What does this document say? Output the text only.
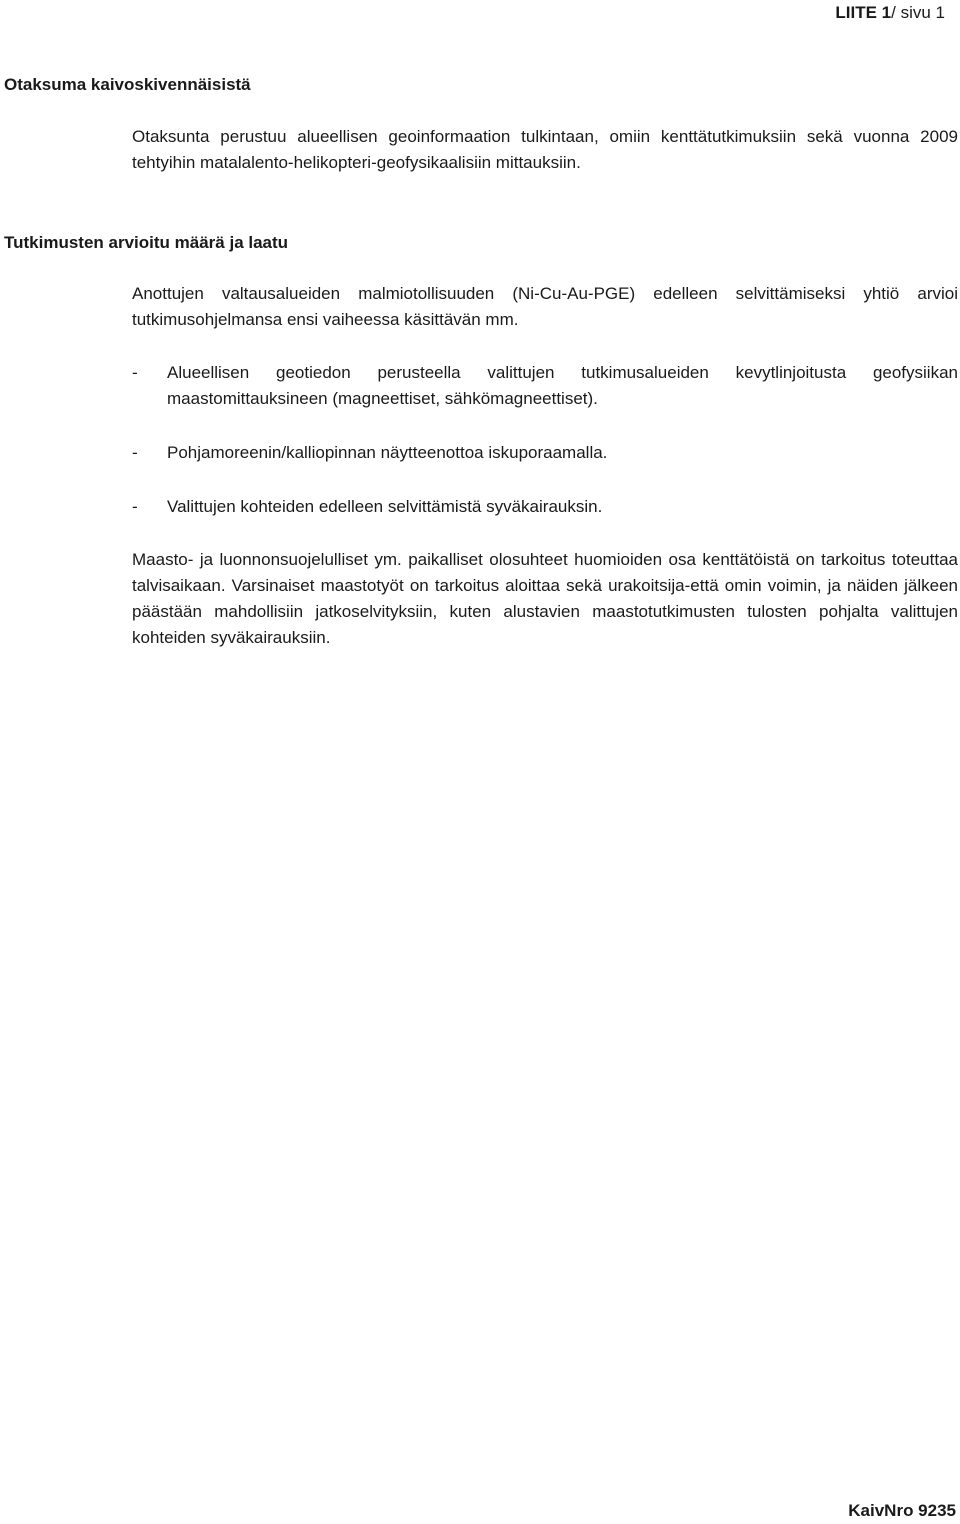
LIITE 1/ sivu 1
Otaksuma kaivoskivennäisistä
Otaksunta perustuu alueellisen geoinformaation tulkintaan, omiin kenttätutkimuksiin sekä vuonna 2009 tehtyihin matalalento-helikopteri-geofysikaalisiin mittauksiin.
Tutkimusten arvioitu määrä ja laatu
Anottujen valtausalueiden malmiotollisuuden (Ni-Cu-Au-PGE) edelleen selvittämiseksi yhtiö arvioi tutkimusohjelmansa ensi vaiheessa käsittävän mm.
- Alueellisen geotiedon perusteella valittujen tutkimusalueiden kevytlinjoitusta geofysiikan maastomittauksineen (magneettiset, sähkömagneettiset).
- Pohjamoreenin/kalliopinnan näytteenottoa iskuporaamalla.
- Valittujen kohteiden edelleen selvittämistä syväkairauksin.
Maasto- ja luonnonsuojelulliset ym. paikalliset olosuhteet huomioiden osa kenttätöistä on tarkoitus toteuttaa talvisaikaan. Varsinaiset maastotyöt on tarkoitus aloittaa sekä urakoitsija-että omin voimin, ja näiden jälkeen päästään mahdollisiin jatkoselvityksiin, kuten alustavien maastotutkimusten tulosten pohjalta valittujen kohteiden syväkairauksiin.
KaivNro 9235
